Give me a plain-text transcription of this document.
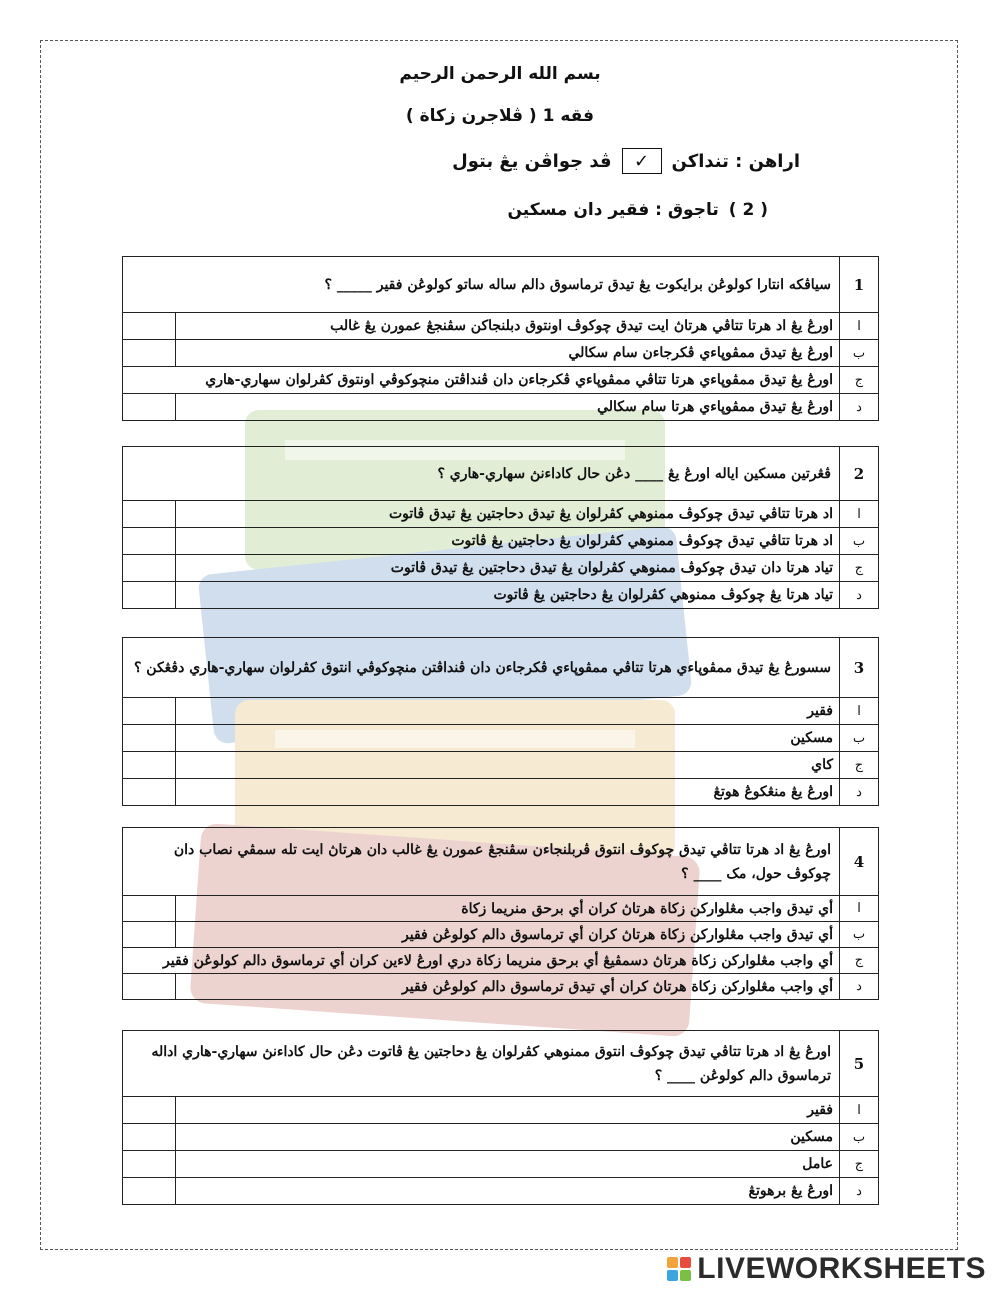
بسم الله الرحمن الرحيم
فقه 1 ( ڤلاجرن زكاة )
اراهن : تنداکن
✓
ڤد جواڤن يڠ بتول
( 2 )
تاجوق : فقير دان مسکين
1	سياڤکه انتارا کولوڠن برايکوت يڠ تيدق ترماسوق دالم ساله ساتو کولوڠن فقير _____ ؟	
ا	اورڠ يڠ اد هرتا تتاڤي هرتاڽ ايت تيدق چوکوڤ اونتوق دبلنجاکن سڤنجڠ عمورن يڠ غالب	
ب	اورڠ يڠ تيدق ممڤوڽاءي ڤکرجاءن سام سکالي	
ج	اورڠ يڠ تيدق ممڤوڽاءي هرتا تتاڤي ممڤوڽاءي ڤکرجاءن دان ڤنداڤتن منچوکوڤي اونتوق کڤرلوان سهاري-هاري	
د	اورڠ يڠ تيدق ممڤوڽاءي هرتا سام سکالي	
2	ڤڠرتين مسکين اياله اورڠ يڠ ____ دڠن حال کاداءنڽ سهاري-هاري ؟	
ا	اد هرتا تتاڤي تيدق چوکوڤ ممنوهي کڤرلوان يڠ تيدق دحاجتين يڠ تيدق ڤاتوت	
ب	اد هرتا تتاڤي تيدق چوکوڤ ممنوهي کڤرلوان يڠ دحاجتين يڠ ڤاتوت	
ج	تياد هرتا دان تيدق چوکوڤ ممنوهي کڤرلوان يڠ تيدق دحاجتين يڠ تيدق ڤاتوت	
د	تياد هرتا يڠ چوکوڤ ممنوهي کڤرلوان يڠ دحاجتين يڠ ڤاتوت	
3	سسورڠ يڠ تيدق ممڤوڽاءي هرتا تتاڤي ممڤوڽاءي ڤکرجاءن دان ڤنداڤتن منچوکوڤي انتوق کڤرلوان سهاري-هاري دڤڠکن ؟	
ا	فقير	
ب	مسکين	
ج	کاي	
د	اورڠ يڠ منڠکوڠ هوتڠ	
4	اورڠ يڠ اد هرتا تتاڤي تيدق چوکوڤ انتوق ڤربلنجاءن سڤنجڠ عمورن يڠ غالب دان هرتاڽ ايت تله سمڤي نصاب دان چوکوڤ حول، مک ____ ؟	
ا	أي تيدق واجب مڠلوارکن زکاة هرتاڽ کران أي برحق منريما زکاة	
ب	أي تيدق واجب مڠلوارکن زکاة هرتاڽ کران أي ترماسوق دالم کولوڠن فقير	
ج	أي واجب مڠلوارکن زکاة هرتاڽ دسمڤيڠ أي برحق منريما زکاة دري اورڠ لاءين کران أي ترماسوق دالم کولوڠن فقير	
د	أي واجب مڠلوارکن زکاة هرتاڽ کران أي تيدق ترماسوق دالم کولوڠن فقير	
5	اورڠ يڠ اد هرتا تتاڤي تيدق چوکوڤ انتوق ممنوهي کڤرلوان يڠ دحاجتين يڠ ڤاتوت دڠن حال کاداءنڽ سهاري-هاري اداله ترماسوق دالم کولوڠن ____ ؟	
ا	فقير	
ب	مسکين	
ج	عامل	
د	اورڠ يڠ برهوتڠ	
LIVEWORKSHEETS
